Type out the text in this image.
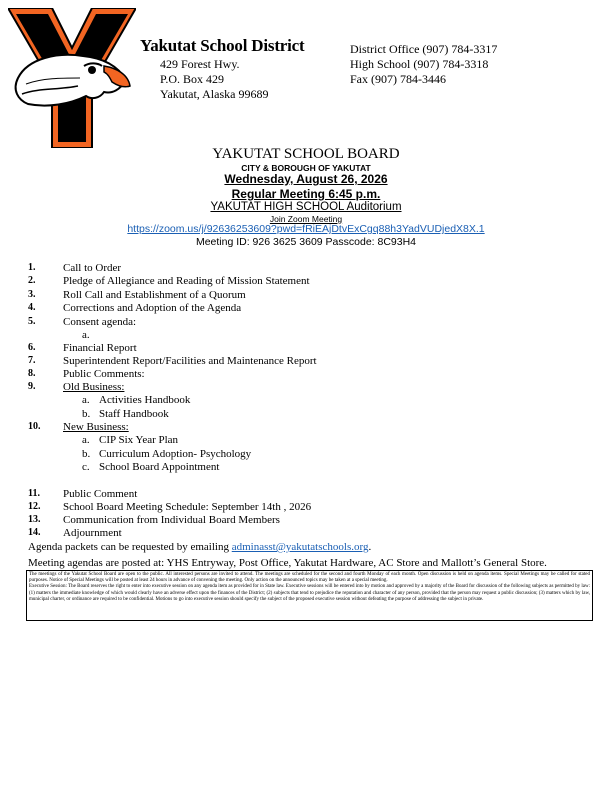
Yakutat School District
429 Forest Hwy.
P.O. Box 429
Yakutat, Alaska 99689
District Office (907) 784-3317
High School (907) 784-3318
Fax (907) 784-3446
YAKUTAT SCHOOL BOARD
CITY & BOROUGH OF YAKUTAT
Wednesday, August 26, 2026
Regular Meeting 6:45 p.m.
YAKUTAT HIGH SCHOOL Auditorium
Join Zoom Meeting
https://zoom.us/j/92636253609?pwd=fRiEAjDtvExCgq88h3YadVUDjedX8X.1
Meeting ID: 926 3625 3609 Passcode: 8C93H4
1.	Call to Order
2.	Pledge of Allegiance and Reading of Mission Statement
3.	Roll Call and Establishment of a Quorum
4.	Corrections and Adoption of the Agenda
5.	Consent agenda:
a.
6.	Financial Report
7.	Superintendent Report/Facilities and Maintenance Report
8.	Public Comments:
9.	Old Business:
a. Activities Handbook
b. Staff Handbook
10.	New Business:
a. CIP Six Year Plan
b. Curriculum Adoption- Psychology
c. School Board Appointment
11.	Public Comment
12.	School Board Meeting Schedule: September 14th , 2026
13.	Communication from Individual Board Members
14.	Adjournment
Agenda packets can be requested by emailing adminasst@yakutatschools.org.
Meeting agendas are posted at: YHS Entryway, Post Office, Yakutat Hardware, AC Store and Mallott’s General Store.
The meetings of the Yakutat School Board are open to the public. All interested persons are invited to attend. The meetings are scheduled for the second and fourth Monday of each month. Open discussion is held on agenda items. Special Meetings may be called for stated purposes. Notice of Special Meetings will be posted at least 24 hours in advance of convening the meeting. Only action on the announced topics may be taken at a special meeting.
Executive Session: The Board reserves the right to enter into executive session on any agenda item as provided for in State law. Executive sessions will be entered into by motion and approved by a majority of the Board for discussion of the following subjects as permitted by law: (1) matters the immediate knowledge of which would clearly have an adverse effect upon the finances of the District; (2) subjects that tend to prejudice the reputation and character of any person, provided that the person may request a public discussion; (3) matters which by law, municipal charter, or ordinance are required to be confidential. Motions to go into executive session should specify the subject of the proposed executive session without defeating the purpose of addressing the subject in private.
